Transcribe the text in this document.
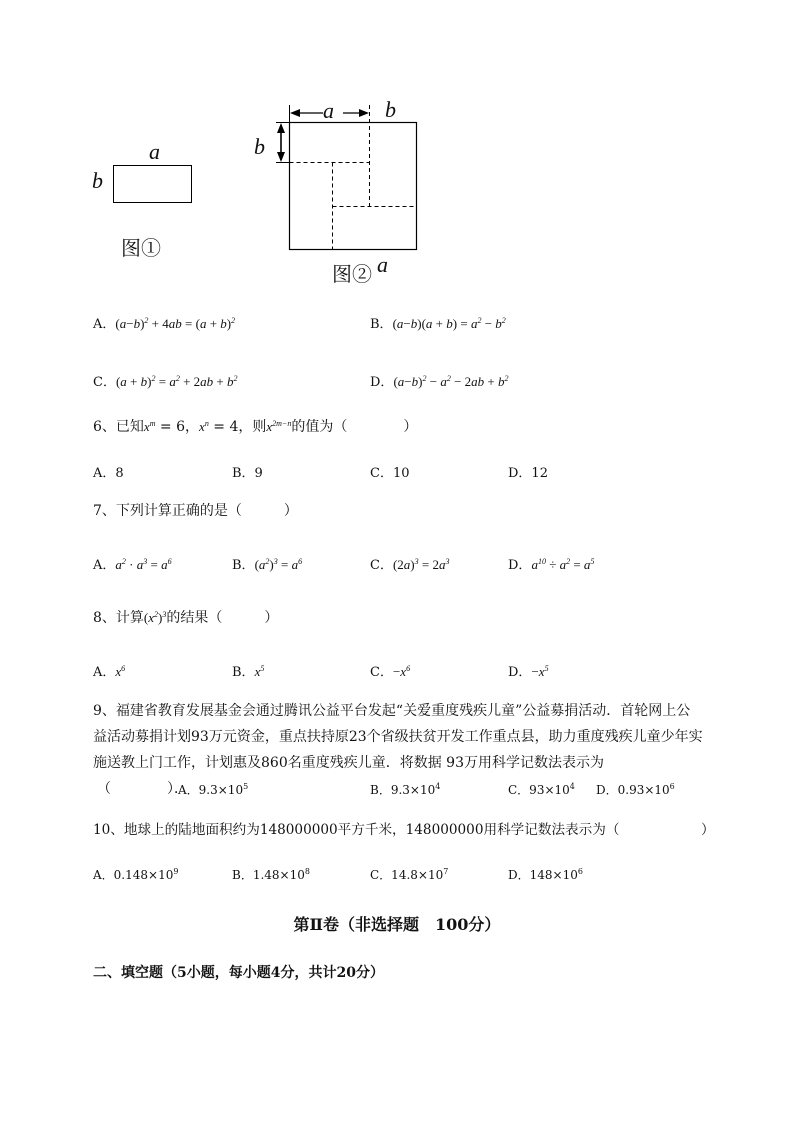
a
b
图①
a b
b
图② a
A．$(a-b)^2 + 4ab = (a + b)^2$	B．$(a-b)(a + b) = a^2 - b^2$
C．$(a + b)^2 = a^2 + 2ab + b^2$	D．$(a-b)^2 - a^2 - 2ab + b^2$
6、已知$x^m = 6$，$x^n = 4$，则$x^{2m-n}$的值为（　　　　）
A．8	B．9	C．10	D．12
7、下列计算正确的是（　　　）
A．$a^2 \cdot a^3 = a^6$	B．$(a^2)^3 = a^6$	C．$(2a)^3 = 2a^3$	D．$a^{10} \div a^2 = a^5$
8、计算$(x^2)^3$的结果（　　　）
A．$x^6$	B．$x^5$	C．$-x^6$	D．$-x^5$
9、福建省教育发展基金会通过腾讯公益平台发起“关爱重度残疾儿童”公益募捐活动．首轮网上公
益活动募捐计划93万元资金，重点扶持原23个省级扶贫开发工作重点县，助力重度残疾儿童少年实
施送教上门工作，计划惠及860名重度残疾儿童．将数据 93万用科学记数法表示为
（　　　　）．
A．$9.3\times 10^5$	B．$9.3\times 10^4$	C．$93\times 10^4$ D．$0.93\times 10^6$
10、地球上的陆地面积约为148000000平方千米，148000000用科学记数法表示为（　　　　　　）
A．$0.148\times 10^9$	B．$1.48\times 10^8$	C．$14.8\times 10^7$	D．$148\times 10^6$
第Ⅱ卷（非选择题　100分）
二、填空题（5小题，每小题4分，共计20分）
